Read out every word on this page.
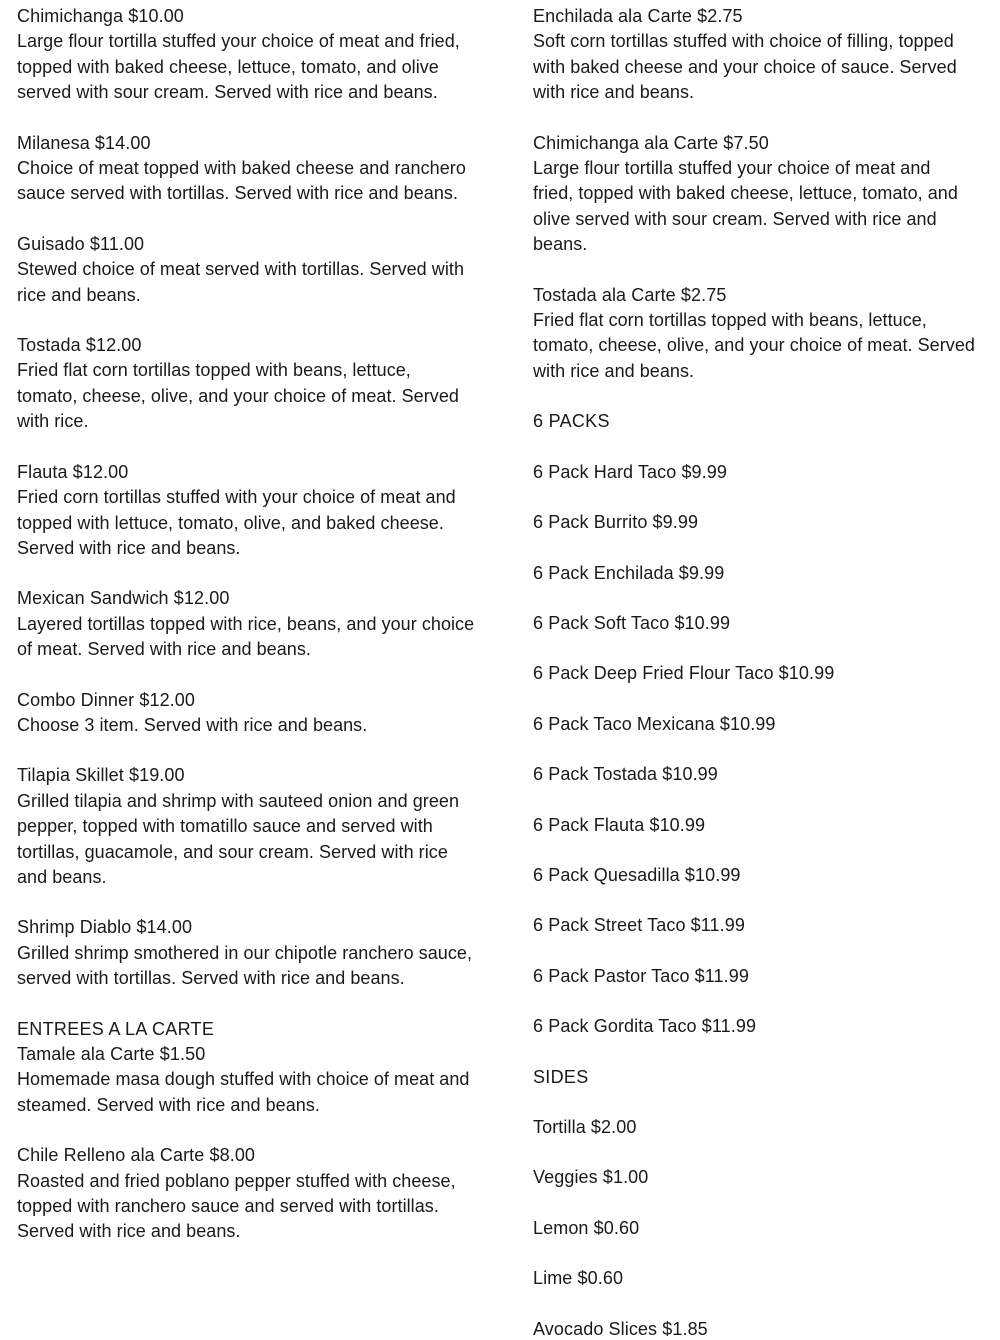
Chimichanga $10.00
Large flour tortilla stuffed your choice of meat and fried, topped with baked cheese, lettuce, tomato, and olive served with sour cream. Served with rice and beans.
Milanesa $14.00
Choice of meat topped with baked cheese and ranchero sauce served with tortillas. Served with rice and beans.
Guisado $11.00
Stewed choice of meat served with tortillas. Served with rice and beans.
Tostada $12.00
Fried flat corn tortillas topped with beans, lettuce, tomato, cheese, olive, and your choice of meat. Served with rice.
Flauta $12.00
Fried corn tortillas stuffed with your choice of meat and topped with lettuce, tomato, olive, and baked cheese. Served with rice and beans.
Mexican Sandwich $12.00
Layered tortillas topped with rice, beans, and your choice of meat. Served with rice and beans.
Combo Dinner $12.00
Choose 3 item. Served with rice and beans.
Tilapia Skillet $19.00
Grilled tilapia and shrimp with sauteed onion and green pepper, topped with tomatillo sauce and served with tortillas, guacamole, and sour cream. Served with rice and beans.
Shrimp Diablo $14.00
Grilled shrimp smothered in our chipotle ranchero sauce, served with tortillas. Served with rice and beans.
ENTREES A LA CARTE
Tamale ala Carte $1.50
Homemade masa dough stuffed with choice of meat and steamed. Served with rice and beans.
Chile Relleno ala Carte $8.00
Roasted and fried poblano pepper stuffed with cheese, topped with ranchero sauce and served with tortillas. Served with rice and beans.
Enchilada ala Carte $2.75
Soft corn tortillas stuffed with choice of filling, topped with baked cheese and your choice of sauce. Served with rice and beans.
Chimichanga ala Carte $7.50
Large flour tortilla stuffed your choice of meat and fried, topped with baked cheese, lettuce, tomato, and olive served with sour cream. Served with rice and beans.
Tostada ala Carte $2.75
Fried flat corn tortillas topped with beans, lettuce, tomato, cheese, olive, and your choice of meat. Served with rice and beans.
6 PACKS
6 Pack Hard Taco $9.99
6 Pack Burrito $9.99
6 Pack Enchilada $9.99
6 Pack Soft Taco $10.99
6 Pack Deep Fried Flour Taco $10.99
6 Pack Taco Mexicana $10.99
6 Pack Tostada $10.99
6 Pack Flauta $10.99
6 Pack Quesadilla $10.99
6 Pack Street Taco $11.99
6 Pack Pastor Taco $11.99
6 Pack Gordita Taco $11.99
SIDES
Tortilla $2.00
Veggies $1.00
Lemon $0.60
Lime $0.60
Avocado Slices $1.85
